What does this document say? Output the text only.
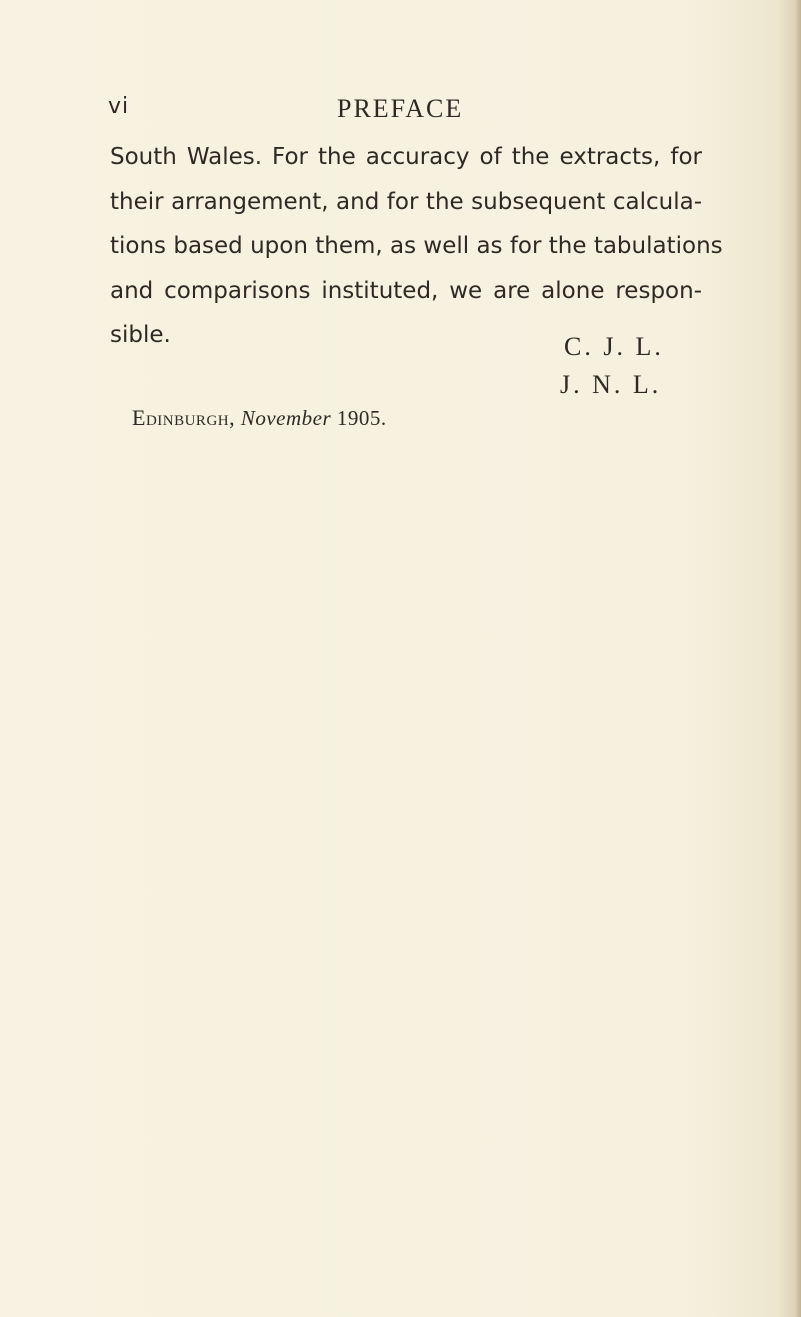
vi	PREFACE

South Wales. For the accuracy of the extracts, for
their arrangement, and for the subsequent calcula-
tions based upon them, as well as for the tabulations
and comparisons instituted, we are alone respon-
sible.	C. J. L.
J. N. L.
Edinburgh, November 1905.
